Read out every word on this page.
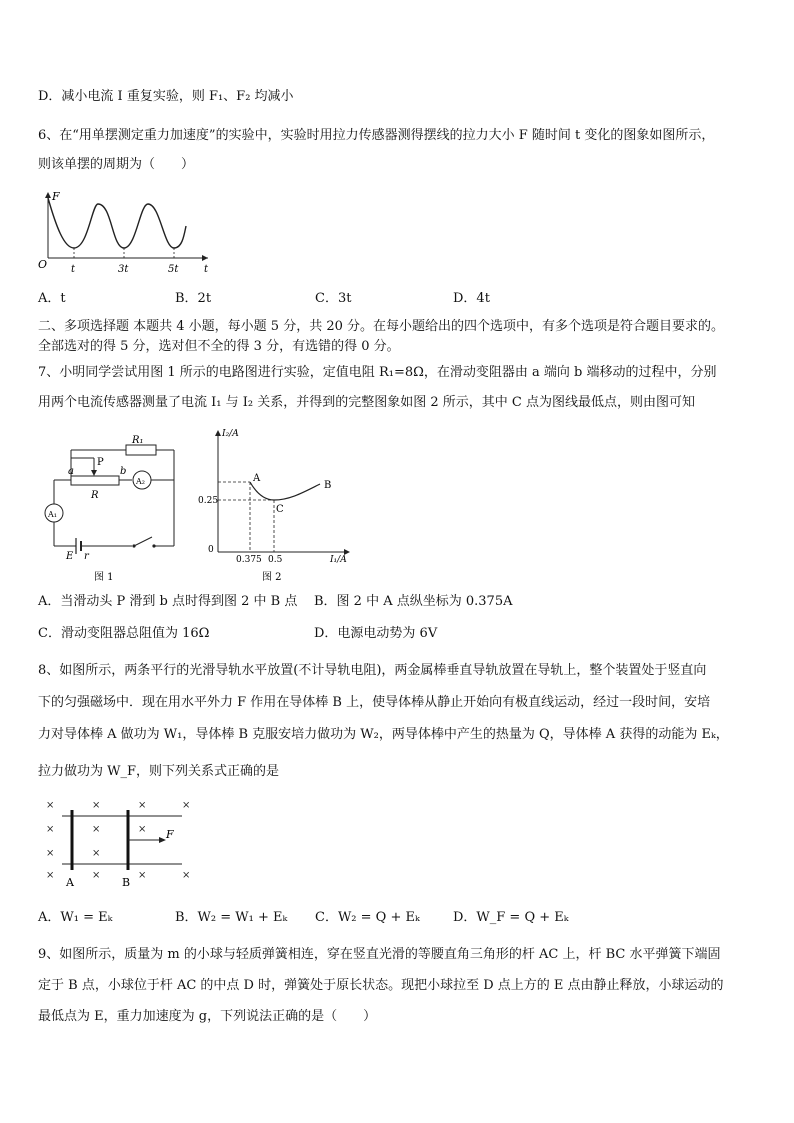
D．减小电流 I 重复实验，则 F₁、F₂ 均减小
6、在“用单摆测定重力加速度”的实验中，实验时用拉力传感器测得摆线的拉力大小 F 随时间 t 变化的图象如图所示，
则该单摆的周期为（　　）
F
O t	3t	5t	t
A．t	B．2t	C．3t	D．4t
二、多项选择题 本题共 4 小题，每小题 5 分，共 20 分。在每小题给出的四个选项中，有多个选项是符合题目要求的。
全部选对的得 5 分，选对但不全的得 3 分，有选错的得 0 分。
7、小明同学尝试用图 1 所示的电路图进行实验，定值电阻 R₁=8Ω，在滑动变阻器由 a 端向 b 端移动的过程中，分别
用两个电流传感器测量了电流 I₁ 与 I₂ 关系，并得到的完整图象如图 2 所示，其中 C 点为图线最低点，则由图可知
R₁
P
a	b
R
A₂
A₁
E r
图 1
I₂/A
I₁/A
0
0.25
0.375 0.5
A
C
B
图 2
A．当滑动头 P 滑到 b 点时得到图 2 中 B 点 B．图 2 中 A 点纵坐标为 0.375A
C．滑动变阻器总阻值为 16Ω	D．电源电动势为 6V
8、如图所示，两条平行的光滑导轨水平放置(不计导轨电阻)，两金属棒垂直导轨放置在导轨上，整个装置处于竖直向
下的匀强磁场中．现在用水平外力 F 作用在导体棒 B 上，使导体棒从静止开始向有极直线运动，经过一段时间，安培
力对导体棒 A 做功为 W₁，导体棒 B 克服安培力做功为 W₂，两导体棒中产生的热量为 Q，导体棒 A 获得的动能为 Eₖ，
拉力做功为 W_F，则下列关系式正确的是
×	×	×	×
×	×	×
×	×
×	×	×	×
F
A	B
A．W₁ = Eₖ	B．W₂ = W₁ + Eₖ C．W₂ = Q + Eₖ	D．W_F = Q + Eₖ
9、如图所示，质量为 m 的小球与轻质弹簧相连，穿在竖直光滑的等腰直角三角形的杆 AC 上，杆 BC 水平弹簧下端固
定于 B 点，小球位于杆 AC 的中点 D 时，弹簧处于原长状态。现把小球拉至 D 点上方的 E 点由静止释放，小球运动的
最低点为 E，重力加速度为 g，下列说法正确的是（　　）
